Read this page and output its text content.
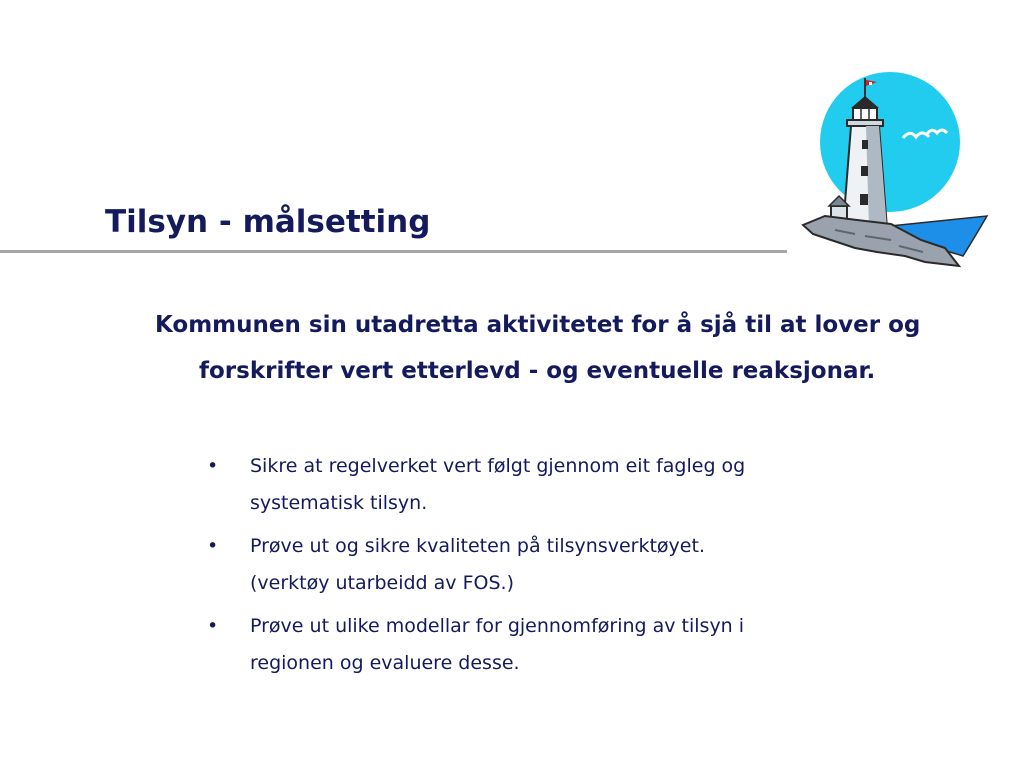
Tilsyn - målsetting

Kommunen sin utadretta aktivitetet for å sjå til at lover og forskrifter vert etterlevd - og eventuelle reaksjonar.

• Sikre at regelverket vert følgt gjennom eit fagleg og
systematisk tilsyn.
• Prøve ut og sikre kvaliteten på tilsynsverktøyet.
(verktøy utarbeidd av FOS.)
• Prøve ut ulike modellar for gjennomføring av tilsyn i
regionen og evaluere desse.
